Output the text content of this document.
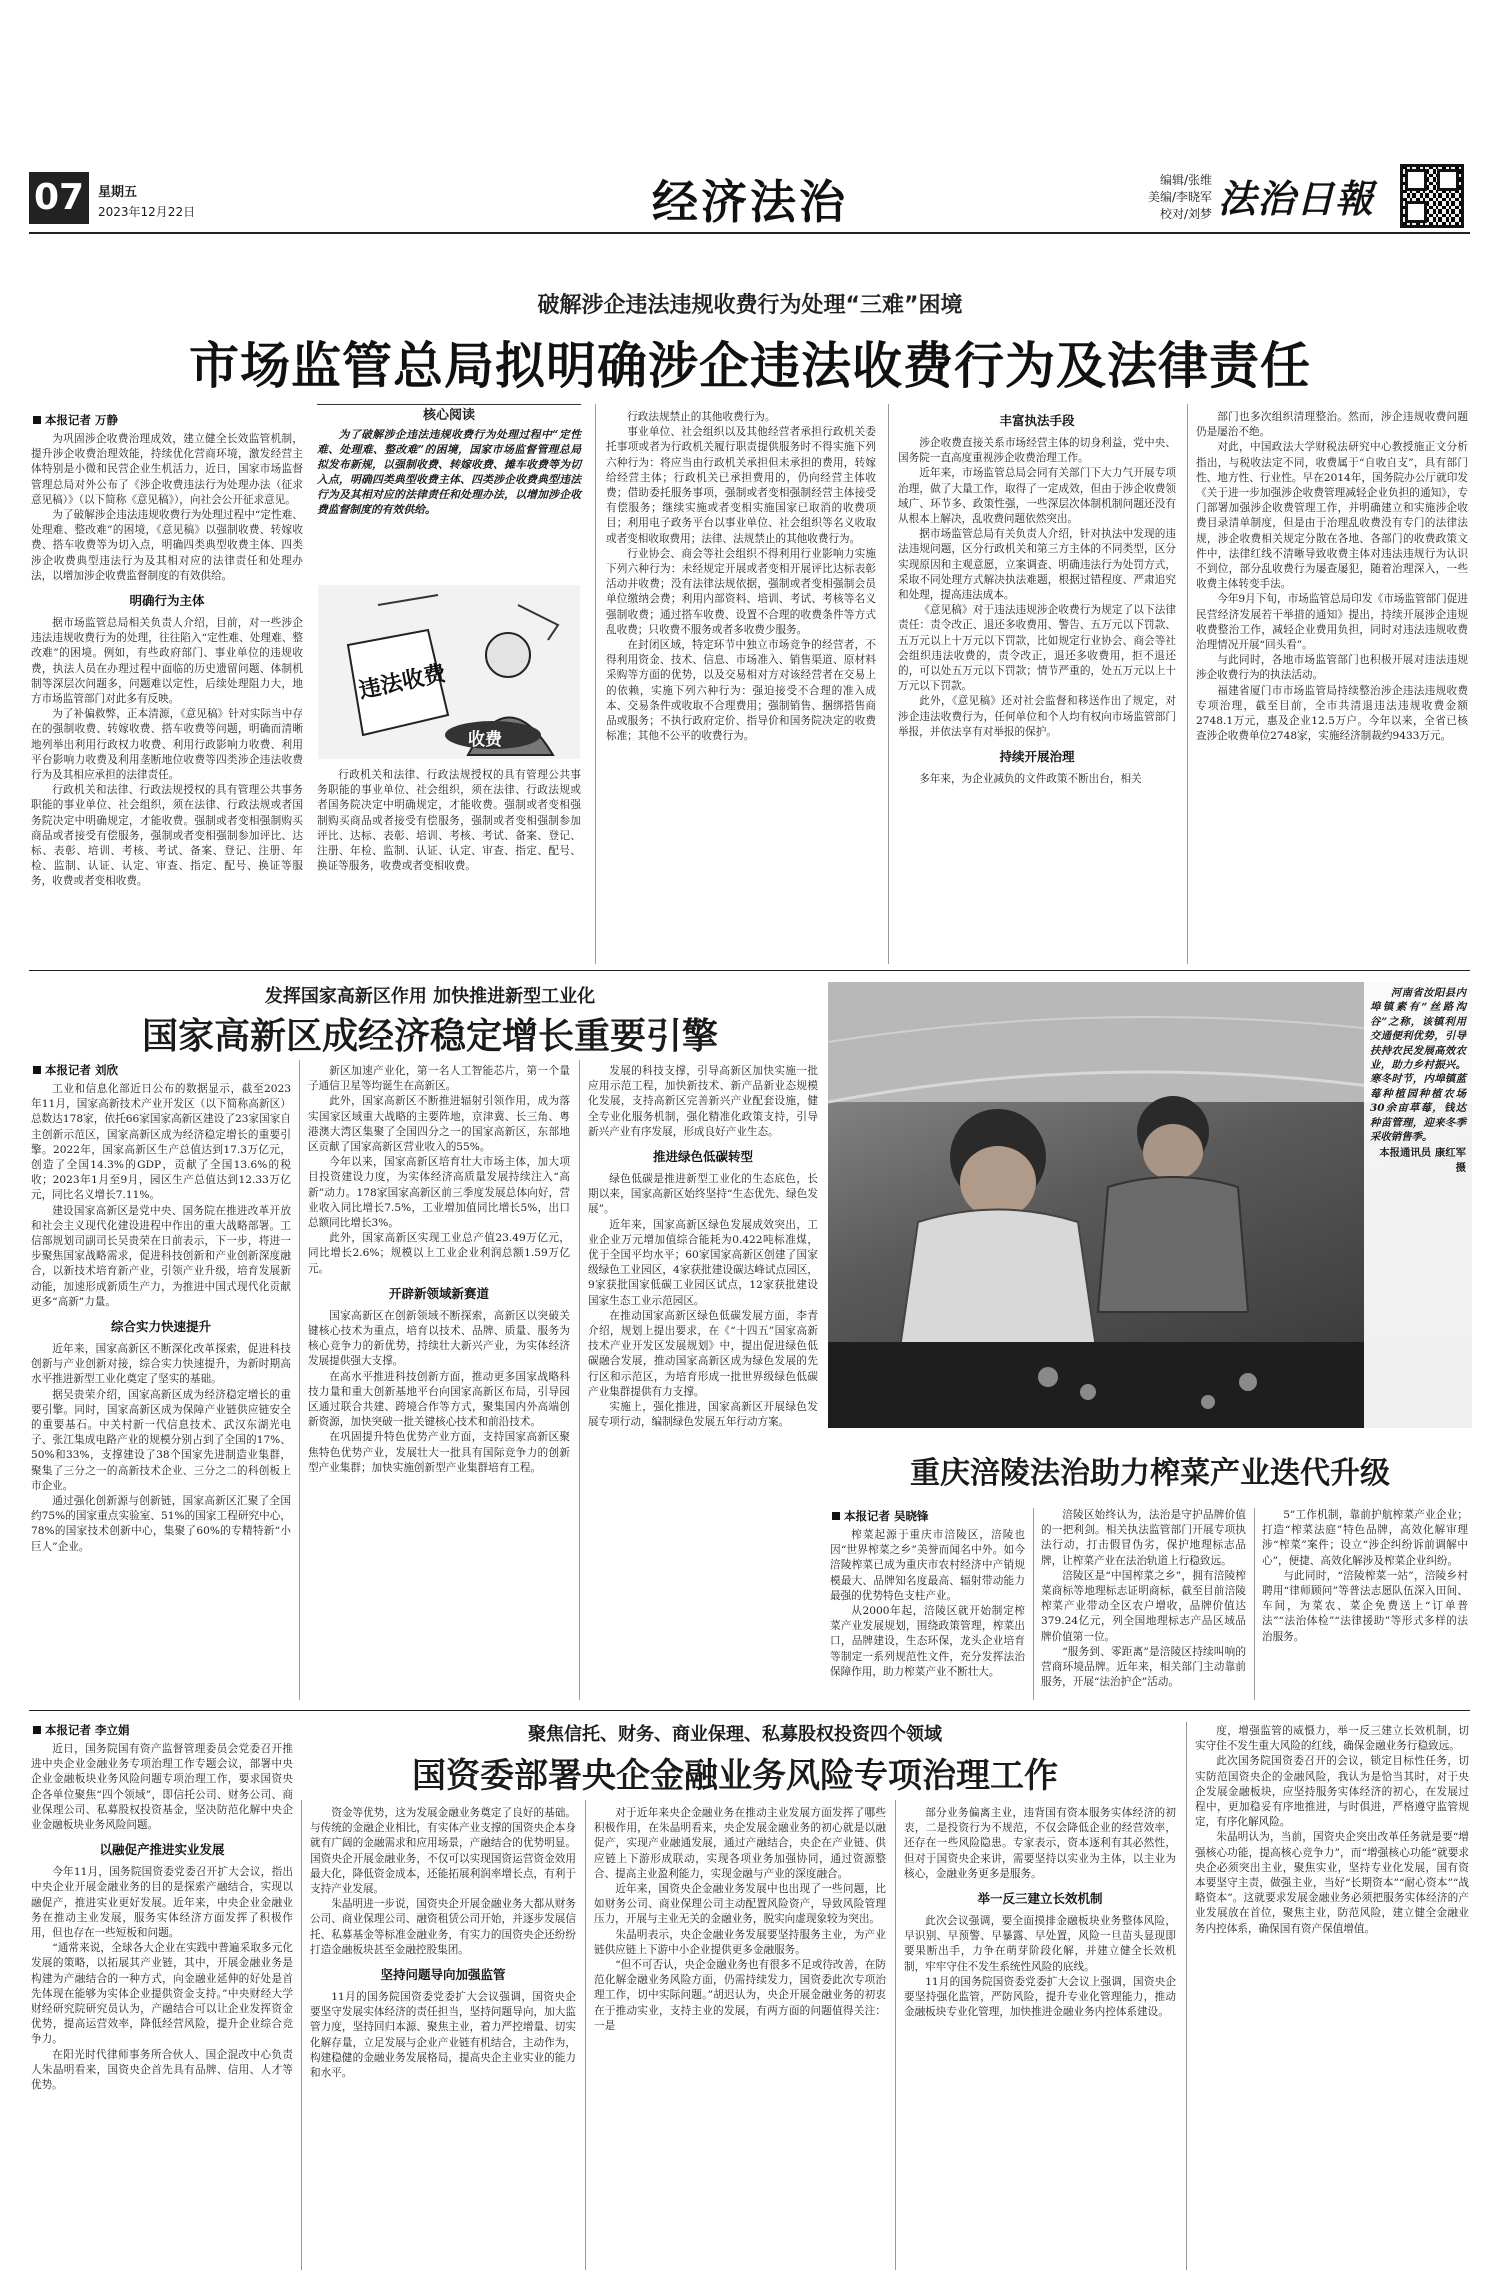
07	星期五
2023年12月22日	经济法治	编辑/张维
美编/李晓军
校对/刘梦 法治日報
破解涉企违法违规收费行为处理“三难”困境
市场监管总局拟明确涉企违法收费行为及法律责任
本报记者 万静

为巩固涉企收费治理成效，建立健全长效监管机制，提升涉企收费治理效能，持续优化营商环境，激发经营主体特别是小微和民营企业生机活力，近日，国家市场监督管理总局对外公布了《涉企收费违法行为处理办法（征求意见稿）》（以下简称《意见稿》），向社会公开征求意见。

为了破解涉企违法违规收费行为处理过程中“定性难、处理难、整改难”的困境，《意见稿》以强制收费、转嫁收费、搭车收费等为切入点，明确四类典型收费主体、四类涉企收费典型违法行为及其相对应的法律责任和处理办法，以增加涉企收费监督制度的有效供给。

明确行为主体

据市场监管总局相关负责人介绍，目前，对一些涉企违法违规收费行为的处理，往往陷入“定性难、处理难、整改难”的困境。例如，有些政府部门、事业单位的违规收费，执法人员在办理过程中面临的历史遗留问题、体制机制等深层次问题多，问题难以定性，后续处理阻力大，地方市场监管部门对此多有反映。

为了补偏救弊，正本清源，《意见稿》针对实际当中存在的强制收费、转嫁收费、搭车收费等问题，明确而清晰地列举出利用行政权力收费、利用行政影响力收费、利用平台影响力收费及利用垄断地位收费等四类涉企违法收费行为及其相应承担的法律责任。

行政机关和法律、行政法规授权的具有管理公共事务职能的事业单位、社会组织，须在法律、行政法规或者国务院决定中明确规定，才能收费。强制或者变相强制购买商品或者接受有偿服务，强制或者变相强制参加评比、达标、表彰、培训、考核、考试、备案、登记、注册、年检、监制、认证、认定、审查、指定、配号、换证等服务，收费或者变相收费。

核心阅读
为了破解涉企违法违规收费行为处理过程中“定性难、处理难、整改难”的困境，国家市场监督管理总局拟发布新规，以强制收费、转嫁收费、摊车收费等为切入点，明确四类典型收费主体、四类涉企收费典型违法行为及其相对应的法律责任和处理办法，以增加涉企收费监督制度的有效供给。
违法收费
收费

行政机关和法律、行政法规授权的具有管理公共事务职能的事业单位、社会组织，须在法律、行政法规或者国务院决定中明确规定，才能收费。强制或者变相强制购买商品或者接受有偿服务，强制或者变相强制参加评比、达标、表彰、培训、考核、考试、备案、登记、注册、年检、监制、认证、认定、审查、指定、配号、换证等服务，收费或者变相收费。

行政法规禁止的其他收费行为。

事业单位、社会组织以及其他经营者承担行政机关委托事项或者为行政机关履行职责提供服务时不得实施下列六种行为：将应当由行政机关承担但未承担的费用，转嫁给经营主体；行政机关已承担费用的，仍向经营主体收费；借助委托服务事项，强制或者变相强制经营主体接受有偿服务；继续实施或者变相实施国家已取消的收费项目；利用电子政务平台以事业单位、社会组织等名义收取或者变相收取费用；法律、法规禁止的其他收费行为。

行业协会、商会等社会组织不得利用行业影响力实施下列六种行为：未经规定开展或者变相开展评比达标表彰活动并收费；没有法律法规依据，强制或者变相强制会员单位缴纳会费；利用内部资料、培训、考试、考核等名义强制收费；通过搭车收费、设置不合理的收费条件等方式乱收费；只收费不服务或者多收费少服务。

在封闭区域，特定环节中独立市场竞争的经营者，不得利用资金、技术、信息、市场准入、销售渠道、原材料采购等方面的优势，以及交易相对方对该经营者在交易上的依赖，实施下列六种行为：强迫接受不合理的准入成本、交易条件或收取不合理费用；强制销售、捆绑搭售商品或服务；不执行政府定价、指导价和国务院决定的收费标准；其他不公平的收费行为。

丰富执法手段

涉企收费直接关系市场经营主体的切身利益，党中央、国务院一直高度重视涉企收费治理工作。

近年来，市场监管总局会同有关部门下大力气开展专项治理，做了大量工作，取得了一定成效，但由于涉企收费领域广、环节多、政策性强，一些深层次体制机制问题还没有从根本上解决，乱收费问题依然突出。

据市场监管总局有关负责人介绍，针对执法中发现的违法违规问题，区分行政机关和第三方主体的不同类型，区分实现原因和主观意愿，立案调查、明确违法行为处罚方式，采取不同处理方式解决执法难题，根据过错程度、严肃追究和处理，提高违法成本。

《意见稿》对于违法违规涉企收费行为规定了以下法律责任：责令改正、退还多收费用、警告、五万元以下罚款、五万元以上十万元以下罚款，比如规定行业协会、商会等社会组织违法收费的，责令改正，退还多收费用，拒不退还的，可以处五万元以下罚款；情节严重的，处五万元以上十万元以下罚款。

此外，《意见稿》还对社会监督和移送作出了规定，对涉企违法收费行为，任何单位和个人均有权向市场监管部门举报，并依法享有对举报的保护。

持续开展治理

多年来，为企业减负的文件政策不断出台，相关

部门也多次组织清理整治。然而，涉企违规收费问题仍是屡治不绝。

对此，中国政法大学财税法研究中心教授施正文分析指出，与税收法定不同，收费属于“自收自支”，具有部门性、地方性、行业性。早在2014年，国务院办公厅就印发《关于进一步加强涉企收费管理减轻企业负担的通知》，专门部署加强涉企收费管理工作，并明确建立和实施涉企收费目录清单制度，但是由于治理乱收费没有专门的法律法规，涉企收费相关规定分散在各地、各部门的收费政策文件中，法律红线不清晰导致收费主体对违法违规行为认识不到位，部分乱收费行为屡查屡犯，随着治理深入，一些收费主体转变手法。

今年9月下旬，市场监管总局印发《市场监管部门促进民营经济发展若干举措的通知》提出，持续开展涉企违规收费整治工作，减轻企业费用负担，同时对违法违规收费治理情况开展“回头看”。

与此同时，各地市场监管部门也积极开展对违法违规涉企收费行为的执法活动。

福建省厦门市市场监管局持续整治涉企违法违规收费专项治理，截至目前，全市共清退违法违规收费金额2748.1万元，惠及企业12.5万户。今年以来，全省已核查涉企收费单位2748家，实施经济制裁约9433万元。

发挥国家高新区作用 加快推进新型工业化
国家高新区成经济稳定增长重要引擎
本报记者 刘欣

工业和信息化部近日公布的数据显示，截至2023年11月，国家高新技术产业开发区（以下简称高新区）总数达178家，依托66家国家高新区建设了23家国家自主创新示范区，国家高新区成为经济稳定增长的重要引擎。2022年，国家高新区生产总值达到17.3万亿元，创造了全国14.3%的GDP，贡献了全国13.6%的税收；2023年1月至9月，园区生产总值达到12.33万亿元，同比名义增长7.11%。

建设国家高新区是党中央、国务院在推进改革开放和社会主义现代化建设进程中作出的重大战略部署。工信部规划司副司长吴贵荣在日前表示，下一步，将进一步聚焦国家战略需求，促进科技创新和产业创新深度融合，以新技术培育新产业，引领产业升级，培育发展新动能，加速形成新质生产力，为推进中国式现代化贡献更多“高新”力量。

综合实力快速提升

近年来，国家高新区不断深化改革探索，促进科技创新与产业创新对接，综合实力快速提升，为新时期高水平推进新型工业化奠定了坚实的基础。

据吴贵荣介绍，国家高新区成为经济稳定增长的重要引擎。同时，国家高新区成为保障产业链供应链安全的重要基石。中关村新一代信息技术、武汉东湖光电子、张江集成电路产业的规模分别占到了全国的17%、50%和33%，支撑建设了38个国家先进制造业集群，聚集了三分之一的高新技术企业、三分之二的科创板上市企业。

通过强化创新源与创新链，国家高新区汇聚了全国约75%的国家重点实验室、51%的国家工程研究中心，78%的国家技术创新中心，集聚了60%的专精特新“小巨人”企业。

新区加速产业化，第一名人工智能芯片，第一个量子通信卫星等均诞生在高新区。

此外，国家高新区不断推进辐射引领作用，成为落实国家区域重大战略的主要阵地，京津冀、长三角、粤港澳大湾区集聚了全国四分之一的国家高新区，东部地区贡献了国家高新区营业收入的55%。

今年以来，国家高新区培育壮大市场主体，加大项目投资建设力度，为实体经济高质量发展持续注入“高新”动力。178家国家高新区前三季度发展总体向好，营业收入同比增长7.5%，工业增加值同比增长5%，出口总额同比增长3%。

此外，国家高新区实现工业总产值23.49万亿元，同比增长2.6%；规模以上工业企业利润总额1.59万亿元。

开辟新领域新赛道

国家高新区在创新领域不断探索，高新区以突破关键核心技术为重点，培育以技术、品牌、质量、服务为核心竞争力的新优势，持续壮大新兴产业，为实体经济发展提供强大支撑。

在高水平推进科技创新方面，推动更多国家战略科技力量和重大创新基地平台向国家高新区布局，引导园区通过联合共建、跨境合作等方式，聚集国内外高端创新资源，加快突破一批关键核心技术和前沿技术。

在巩固提升特色优势产业方面，支持国家高新区聚焦特色优势产业，发展壮大一批具有国际竞争力的创新型产业集群；加快实施创新型产业集群培育工程。

发展的科技支撑，引导高新区加快实施一批应用示范工程，加快新技术、新产品新业态规模化发展，支持高新区完善新兴产业配套设施，健全专业化服务机制，强化精准化政策支持，引导新兴产业有序发展，形成良好产业生态。

推进绿色低碳转型

绿色低碳是推进新型工业化的生态底色，长期以来，国家高新区始终坚持“生态优先、绿色发展”。

近年来，国家高新区绿色发展成效突出，工业企业万元增加值综合能耗为0.422吨标准煤，优于全国平均水平；60家国家高新区创建了国家级绿色工业园区，4家获批建设碳达峰试点园区，9家获批国家低碳工业园区试点，12家获批建设国家生态工业示范园区。

在推动国家高新区绿色低碳发展方面，李青介绍，规划上提出要求，在《“十四五”国家高新技术产业开发区发展规划》中，提出促进绿色低碳融合发展，推动国家高新区成为绿色发展的先行区和示范区，为培育形成一批世界级绿色低碳产业集群提供有力支撑。

实施上，强化推进，国家高新区开展绿色发展专项行动，编制绿色发展五年行动方案。

河南省汝阳县内埠镇素有“丝路沟谷”之称，该镇利用交通便利优势，引导扶持农民发展高效农业，助力乡村振兴。寒冬时节，内埠镇蓝莓种植园种植农场30余亩草莓，钱达种苗管理，迎来冬季采收销售季。
本报通讯员 康红军 摄
重庆涪陵法治助力榨菜产业迭代升级
本报记者 吴晓锋

榨菜起源于重庆市涪陵区，涪陵也因“世界榨菜之乡”美誉而闻名中外。如今涪陵榨菜已成为重庆市农村经济中产销规模最大、品牌知名度最高、辐射带动能力最强的优势特色支柱产业。

从2000年起，涪陵区就开始制定榨菜产业发展规划，围绕政策管理，榨菜出口，品牌建设，生态环保，龙头企业培育等制定一系列规范性文件，充分发挥法治保障作用，助力榨菜产业不断壮大。

涪陵区始终认为，法治是守护品牌价值的一把利剑。相关执法监管部门开展专项执法行动，打击假冒伪劣，保护地理标志品牌，让榨菜产业在法治轨道上行稳致远。

涪陵区是“中国榨菜之乡”，拥有涪陵榨菜商标等地理标志证明商标，截至目前涪陵榨菜产业带动全区农户增收，品牌价值达379.24亿元，列全国地理标志产品区域品牌价值第一位。

“服务到、零距离”是涪陵区持续叫响的营商环境品牌。近年来，相关部门主动靠前服务，开展“法治护企”活动。

5”工作机制，靠前护航榨菜产业企业；打造“榨菜法庭”特色品牌，高效化解审理涉“榨菜”案件；设立“涉企纠纷诉前调解中心”，便捷、高效化解涉及榨菜企业纠纷。

与此同时，“涪陵榨菜一站”，涪陵乡村聘用“律师顾问”等普法志愿队伍深入田间、车间，为菜农、菜企免费送上“订单普法”“法治体检”“法律援助”等形式多样的法治服务。

本报记者 李立娟	聚焦信托、财务、商业保理、私募股权投资四个领域
国资委部署央企金融业务风险专项治理工作

近日，国务院国有资产监督管理委员会党委召开推进中央企业金融业务专项治理工作专题会议，部署中央企业金融板块业务风险问题专项治理工作，要求国资央企各单位聚焦“四个领域”，即信托公司、财务公司、商业保理公司、私募股权投资基金，坚决防范化解中央企业金融板块业务风险问题。

以融促产推进实业发展

今年11月，国务院国资委党委召开扩大会议，指出中央企业开展金融业务的目的是探索产融结合，实现以融促产，推进实业更好发展。近年来，中央企业金融业务在推动主业发展，服务实体经济方面发挥了积极作用，但也存在一些短板和问题。

“通常来说，全球各大企业在实践中普遍采取多元化发展的策略，以拓展其产业链，其中，开展金融业务是构建为产融结合的一种方式，向金融业延伸的好处是首先体现在能够为实体企业提供资金支持。”中央财经大学财经研究院研究员认为，产融结合可以让企业发挥资金优势，提高运营效率，降低经营风险，提升企业综合竞争力。

在阳光时代律师事务所合伙人、国企混改中心负责人朱晶明看来，国资央企首先具有品牌、信用、人才等优势。

资金等优势，这为发展金融业务奠定了良好的基础。与传统的金融企业相比，有实体产业支撑的国资央企本身就有广阔的金融需求和应用场景，产融结合的优势明显。国资央企开展金融业务，不仅可以实现国资运营资金效用最大化，降低资金成本，还能拓展利润率增长点，有利于支持产业发展。

朱晶明进一步说，国资央企开展金融业务大都从财务公司、商业保理公司、融资租赁公司开始，并逐步发展信托、私募基金等标准金融业务，有实力的国资央企还纷纷打造金融板块甚至金融控股集团。

坚持问题导向加强监管

11月的国务院国资委党委扩大会议强调，国资央企要坚守发展实体经济的责任担当，坚持问题导向，加大监管力度，坚持回归本源、聚焦主业，着力严控增量、切实化解存量，立足发展与企业产业链有机结合，主动作为，构建稳健的金融业务发展格局，提高央企主业实业的能力和水平。

对于近年来央企金融业务在推动主业发展方面发挥了哪些积极作用，在朱晶明看来，央企发展金融业务的初心就是以融促产，实现产业融通发展，通过产融结合，央企在产业链、供应链上下游形成联动，实现各项业务加强协同，通过资源整合、提高主业盈利能力，实现金融与产业的深度融合。

近年来，国资央企金融业务发展中也出现了一些问题，比如财务公司、商业保理公司主动配置风险资产，导致风险管理压力，开展与主业无关的金融业务，脱实向虚现象较为突出。

朱晶明表示，央企金融业务发展要坚持服务主业，为产业链供应链上下游中小企业提供更多金融服务。

“但不可否认，央企金融业务也有很多不足或待改善，在防范化解金融业务风险方面，仍需持续发力，国资委此次专项治理工作，切中实际问题。”胡迟认为，央企开展金融业务的初衷在于推动实业，支持主业的发展，有两方面的问题值得关注：一是

部分业务偏离主业，违背国有资本服务实体经济的初衷，二是投资行为不规范，不仅会降低企业的经营效率，还存在一些风险隐患。专家表示，资本逐利有其必然性，但对于国资央企来讲，需要坚持以实业为主体，以主业为核心，金融业务更多是服务。

举一反三建立长效机制

此次会议强调，要全面摸排金融板块业务整体风险，早识别、早预警、早暴露、早处置，风险一旦苗头显现即要果断出手，力争在萌芽阶段化解，并建立健全长效机制，牢牢守住不发生系统性风险的底线。

11月的国务院国资委党委扩大会议上强调，国资央企要坚持强化监管，严防风险，提升专业化管理能力，推动金融板块专业化管理，加快推进金融业务内控体系建设。

度，增强监管的威慑力，举一反三建立长效机制，切实守住不发生重大风险的红线，确保金融业务行稳致远。

此次国务院国资委召开的会议，锁定目标性任务，切实防范国资央企的金融风险，我认为是恰当其时，对于央企发展金融板块，应坚持服务实体经济的初心，在发展过程中，更加稳妥有序地推进，与时俱进，严格遵守监管规定，有序化解风险。

朱晶明认为，当前，国资央企突出改革任务就是要“增强核心功能，提高核心竞争力”，而“增强核心功能”就要求央企必须突出主业，聚焦实业，坚持专业化发展，国有资本要坚守主责，做强主业，当好“长期资本”“耐心资本”“战略资本”。这就要求发展金融业务必须把服务实体经济的产业发展放在首位，聚焦主业，防范风险，建立健全金融业务内控体系，确保国有资产保值增值。
